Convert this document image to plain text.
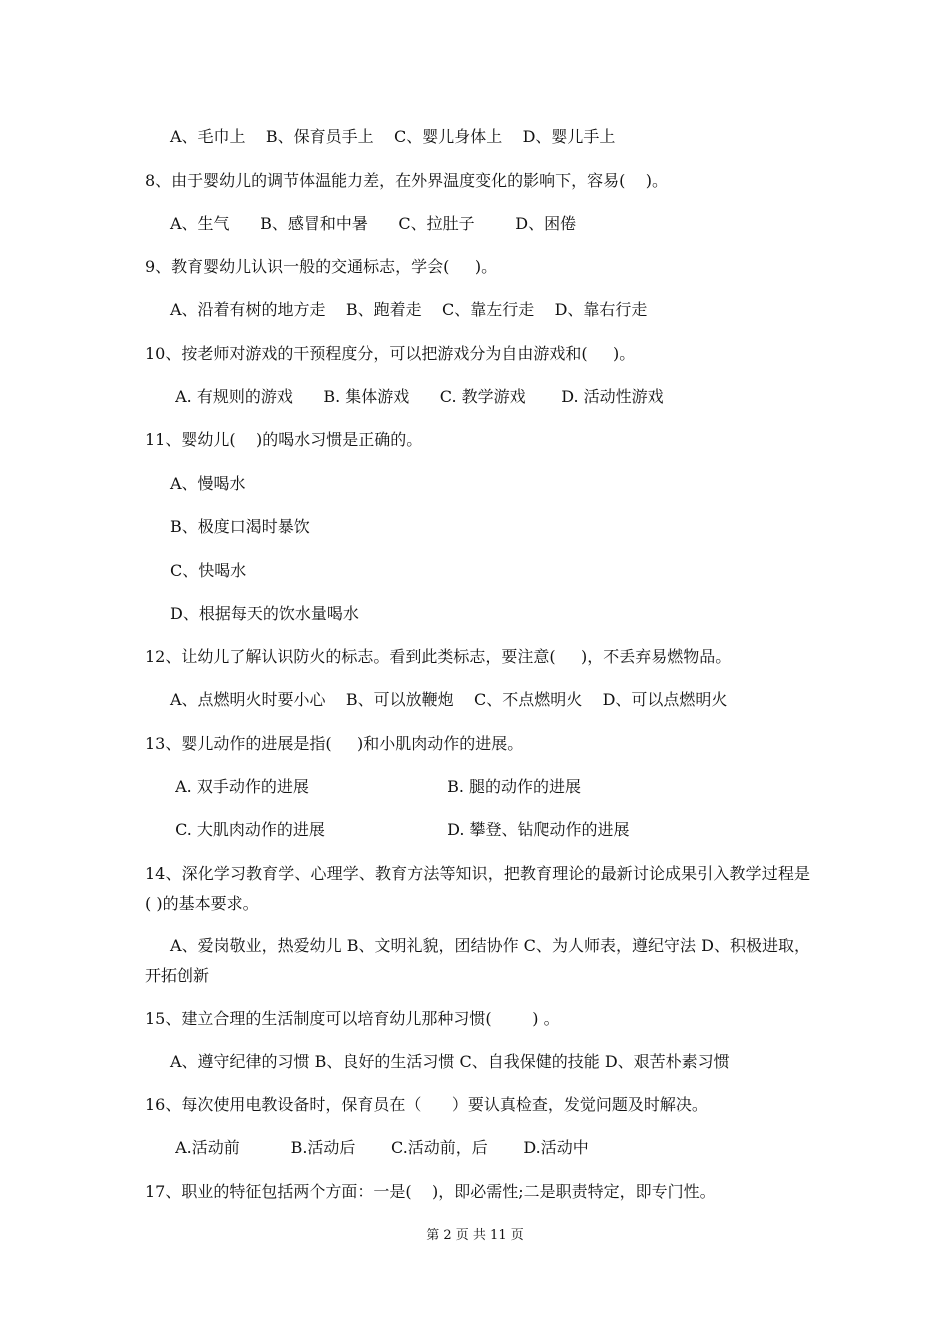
A、毛巾上    B、保育员手上    C、婴儿身体上    D、婴儿手上
8、由于婴幼儿的调节体温能力差，在外界温度变化的影响下，容易(    )。
A、生气      B、感冒和中暑      C、拉肚子        D、困倦
9、教育婴幼儿认识一般的交通标志，学会(     )。
A、沿着有树的地方走    B、跑着走    C、靠左行走    D、靠右行走
10、按老师对游戏的干预程度分，可以把游戏分为自由游戏和(     )。
A. 有规则的游戏      B. 集体游戏      C. 教学游戏       D. 活动性游戏
11、婴幼儿(    )的喝水习惯是正确的。
A、慢喝水
B、极度口渴时暴饮
C、快喝水
D、根据每天的饮水量喝水
12、让幼儿了解认识防火的标志。看到此类标志，要注意(     )，不丢弃易燃物品。
A、点燃明火时要小心    B、可以放鞭炮    C、不点燃明火    D、可以点燃明火
13、婴儿动作的进展是指(     )和小肌肉动作的进展。
A. 双手动作的进展	B. 腿的动作的进展
C. 大肌肉动作的进展	D. 攀登、钻爬动作的进展
14、深化学习教育学、心理学、教育方法等知识，把教育理论的最新讨论成果引入教学过程是( )的基本要求。
A、爱岗敬业，热爱幼儿 B、文明礼貌，团结协作 C、为人师表，遵纪守法 D、积极进取，开拓创新
15、建立合理的生活制度可以培育幼儿那种习惯(        ) 。
A、遵守纪律的习惯 B、良好的生活习惯 C、自我保健的技能 D、艰苦朴素习惯
16、每次使用电教设备时，保育员在（      ）要认真检查，发觉问题及时解决。
A.活动前          B.活动后       C.活动前，后       D.活动中
17、职业的特征包括两个方面：一是(    )，即必需性;二是职责特定，即专门性。
第 2 页 共 11 页
